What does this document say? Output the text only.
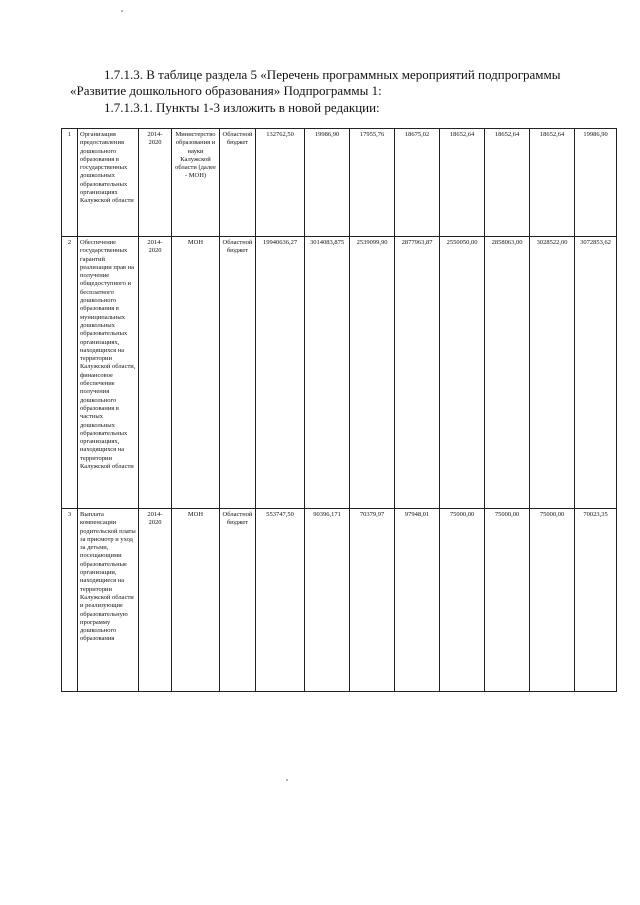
1.7.1.3. В таблице раздела 5 «Перечень программных мероприятий подпрограммы
«Развитие дошкольного образования» Подпрограммы 1:
1.7.1.3.1. Пункты 1-3 изложить в новой редакции:
1	Организация предоставления дошкольного образования в государственных дошкольных образовательных организациях Калужской области	2014-2020	Министерство образования и науки Калужской области (далее - МОН)	Областной бюджет	132762,50	19986,90	17955,76	18675,02	18652,64	18652,64	18652,64	19986,90
2	Обеспечение государственных гарантий реализации прав на получение общедоступного и бесплатного дошкольного образования в муниципальных дошкольных образовательных организациях, находящихся на территории Калужской области, финансовое обеспечение получения дошкольного образования в частных дошкольных образовательных организациях, находящихся на территории Калужской области	2014-2020	МОН	Областной бюджет	19940636,27	3014083,875	2539099,90	2877963,87	2550050,00	2858063,00	3028522,00	3072853,62
3	Выплата компенсации родительской платы за присмотр и уход за детьми, посещающими образовательные организации, находящиеся на территории Калужской области и реализующие образовательную программу дошкольного образования	2014-2020	МОН	Областной бюджет	553747,50	90396,171	70379,97	97948,01	75000,00	75000,00	75000,00	70023,35
